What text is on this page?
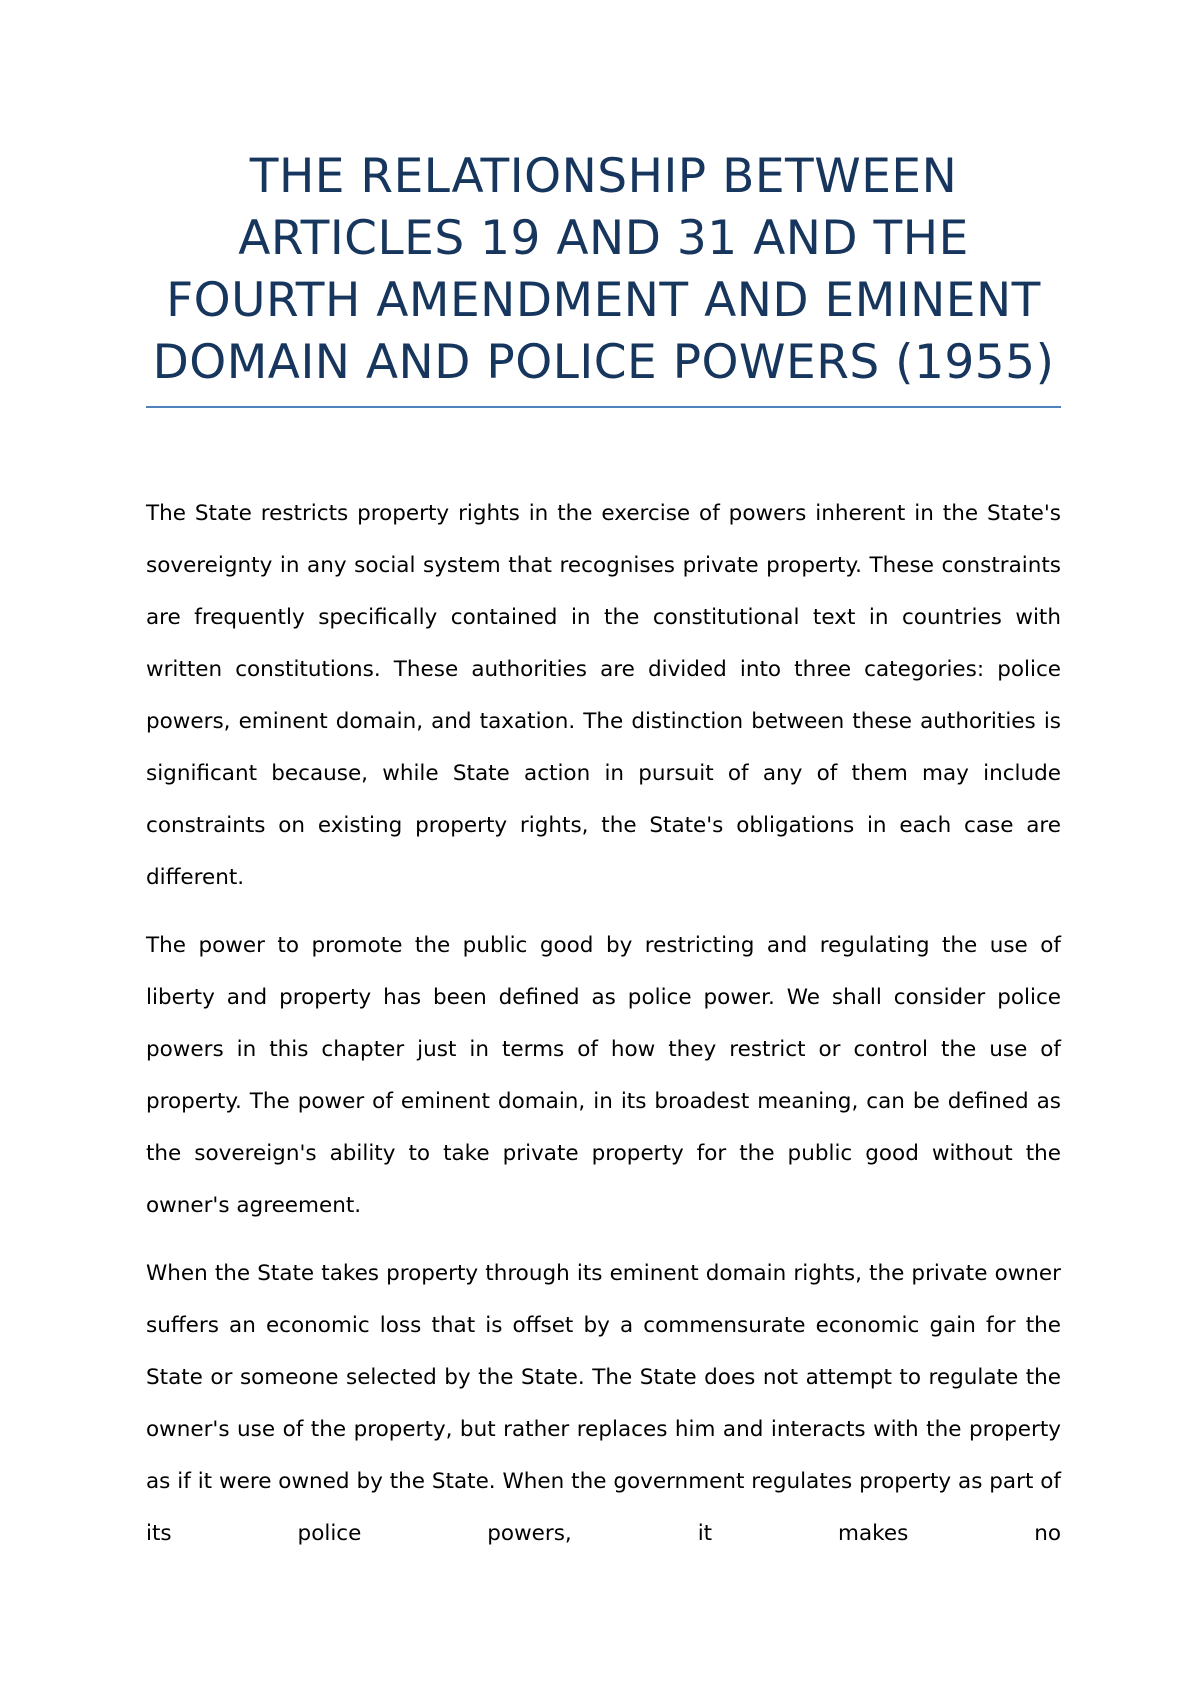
THE RELATIONSHIP BETWEEN ARTICLES 19 AND 31 AND THE FOURTH AMENDMENT AND EMINENT DOMAIN AND POLICE POWERS (1955)

The State restricts property rights in the exercise of powers inherent in the State's sovereignty in any social system that recognises private property. These constraints are frequently specifically contained in the constitutional text in countries with written constitutions. These authorities are divided into three categories: police powers, eminent domain, and taxation. The distinction between these authorities is significant because, while State action in pursuit of any of them may include constraints on existing property rights, the State's obligations in each case are different.

The power to promote the public good by restricting and regulating the use of liberty and property has been defined as police power. We shall consider police powers in this chapter just in terms of how they restrict or control the use of property. The power of eminent domain, in its broadest meaning, can be defined as the sovereign's ability to take private property for the public good without the owner's agreement.

When the State takes property through its eminent domain rights, the private owner suffers an economic loss that is offset by a commensurate economic gain for the State or someone selected by the State. The State does not attempt to regulate the owner's use of the property, but rather replaces him and interacts with the property as if it were owned by the State. When the government regulates property as part of its police powers, it makes no
